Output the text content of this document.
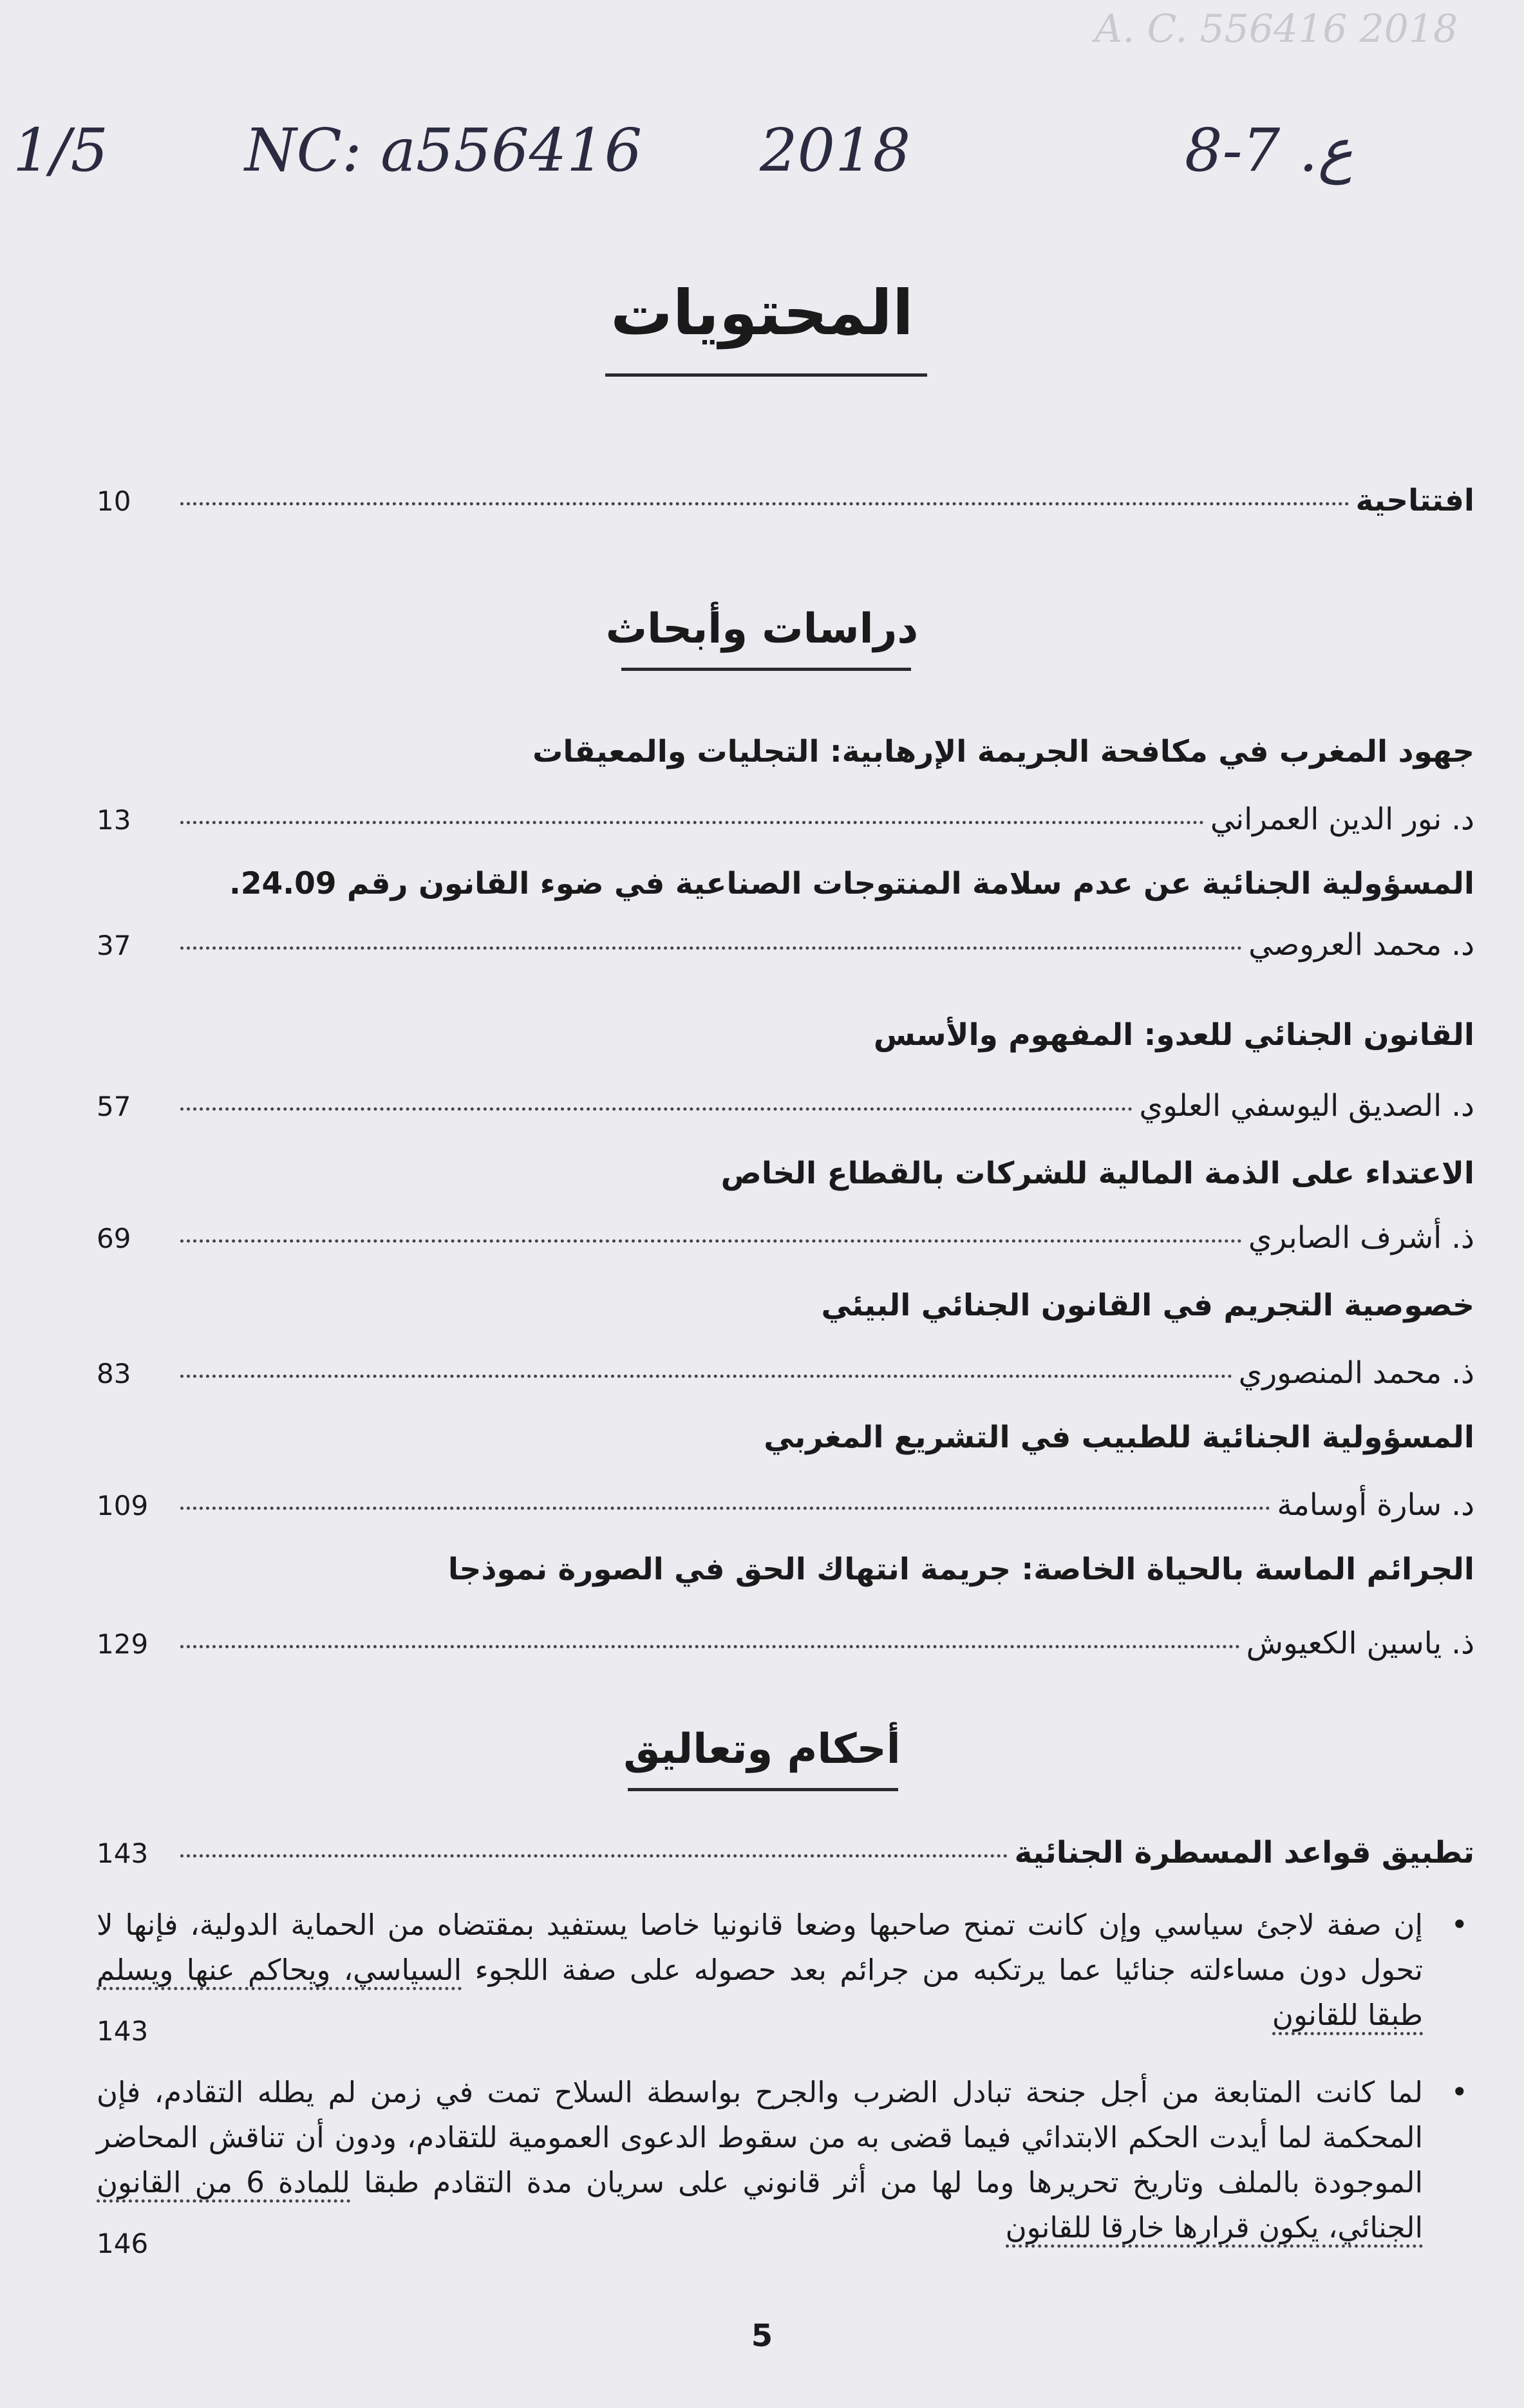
A. C. 556416 2018
1/5 NC: a556416 2018	8-7 .ع
المحتويات
افتتاحية
10
دراسات وأبحاث
جهود المغرب في مكافحة الجريمة الإرهابية: التجليات والمعيقات
د. نور الدين العمراني
13
المسؤولية الجنائية عن عدم سلامة المنتوجات الصناعية في ضوء القانون رقم 24.09.
د. محمد العروصي
37
القانون الجنائي للعدو: المفهوم والأسس
د. الصديق اليوسفي العلوي
57
الاعتداء على الذمة المالية للشركات بالقطاع الخاص
ذ. أشرف الصابري
69
خصوصية التجريم في القانون الجنائي البيئي
ذ. محمد المنصوري
83
المسؤولية الجنائية للطبيب في التشريع المغربي
د. سارة أوسامة
109
الجرائم الماسة بالحياة الخاصة: جريمة انتهاك الحق في الصورة نموذجا
ذ. ياسين الكعيوش
129
أحكام وتعاليق
تطبيق قواعد المسطرة الجنائية
143
• إن صفة لاجئ سياسي وإن كانت تمنح صاحبها وضعا قانونيا خاصا يستفيد بمقتضاه من الحماية الدولية، فإنها لا تحول دون مساءلته جنائيا عما يرتكبه من جرائم بعد حصوله على صفة اللجوء السياسي، ويحاكم عنها ويسلم طبقا للقانون
143
• لما كانت المتابعة من أجل جنحة تبادل الضرب والجرح بواسطة السلاح تمت في زمن لم يطله التقادم، فإن المحكمة لما أيدت الحكم الابتدائي فيما قضى به من سقوط الدعوى العمومية للتقادم، ودون أن تناقش المحاضر الموجودة بالملف وتاريخ تحريرها وما لها من أثر قانوني على سريان مدة التقادم طبقا للمادة 6 من القانون الجنائي، يكون قرارها خارقا للقانون
146
5
